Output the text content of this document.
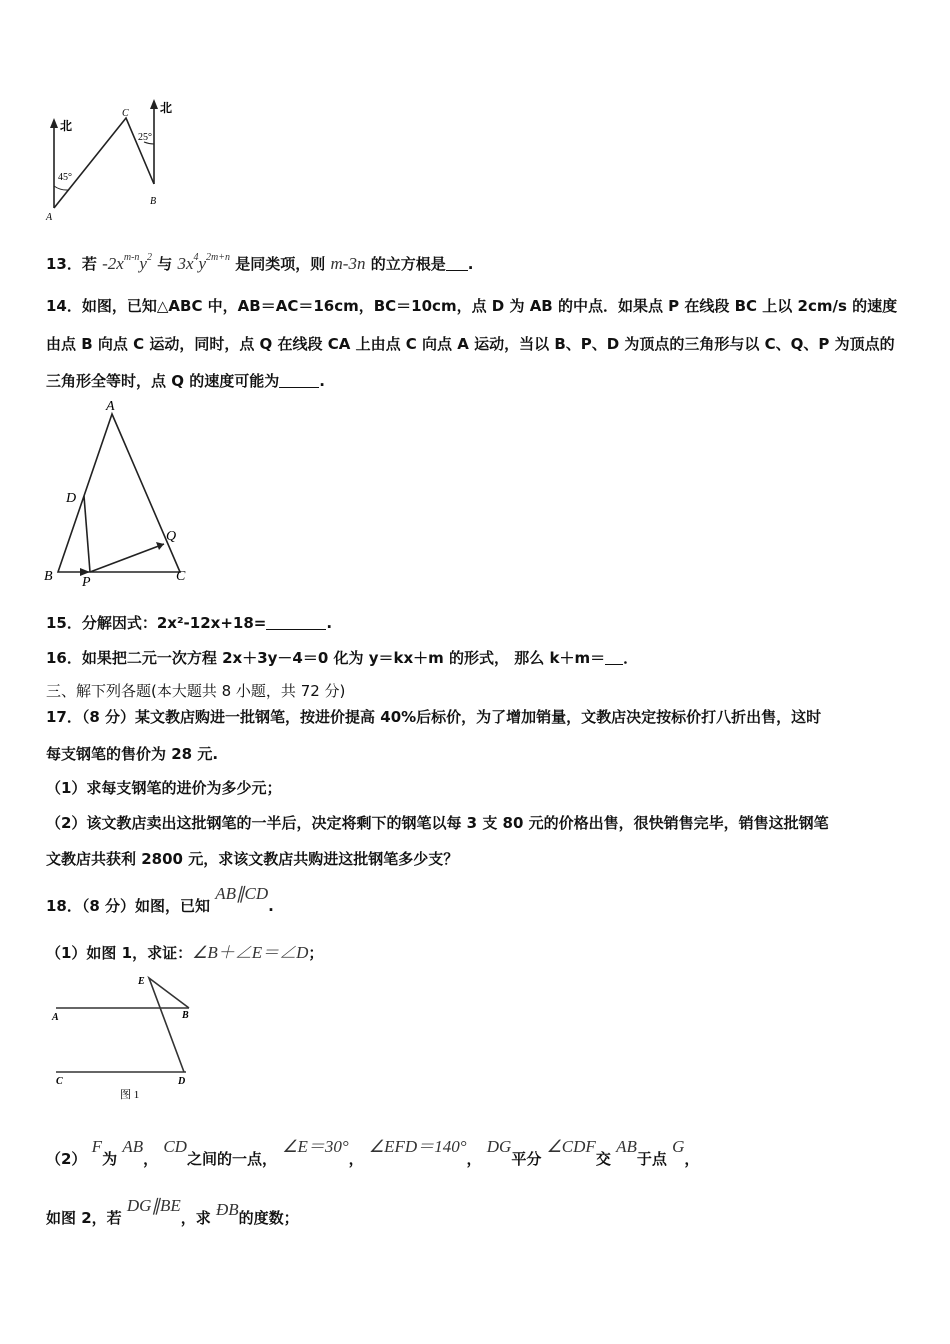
北
北
45°
25°
A
B
C
13．若 $-2x^{m-n}y^2$ 与 $3x^4y^{2m+n}$ 是同类项，则 m-3n 的立方根是 .
14．如图，已知△ABC 中，AB＝AC＝16cm，BC＝10cm，点 D 为 AB 的中点．如果点 P 在线段 BC 上以 2cm/s 的速度
由点 B 向点 C 运动，同时，点 Q 在线段 CA 上由点 C 向点 A 运动，当以 B、P、D 为顶点的三角形与以 C、Q、P 为顶点的
三角形全等时，点 Q 的速度可能为	.
A
B	C
D
P
Q
15．分解因式：2x²-12x+18=	.
16．如果把二元一次方程 2x＋3y－4＝0 化为 y＝kx＋m 的形式， 那么 k＋m＝ ．
三、解下列各题(本大题共 8 小题，共 72 分)
17．（8 分）某文教店购进一批钢笔，按进价提高 40%后标价，为了增加销量，文教店决定按标价打八折出售，这时
每支钢笔的售价为 28 元.
（1）求每支钢笔的进价为多少元；
（2）该文教店卖出这批钢笔的一半后，决定将剩下的钢笔以每 3 支 80 元的价格出售，很快销售完毕，销售这批钢笔
文教店共获利 2800 元，求该文教店共购进这批钢笔多少支？
18．（8 分）如图，已知 AB∥CD.
（1）如图 1，求证：∠B＋∠E＝∠D；
A	B
C	D
E
图 1
（2） F为 AB， CD之间的一点， ∠E＝30°， ∠EFD＝140°， DG平分 ∠CDF交 AB于点 G，
如图 2，若 DG∥BE，求 ÐB的度数；
